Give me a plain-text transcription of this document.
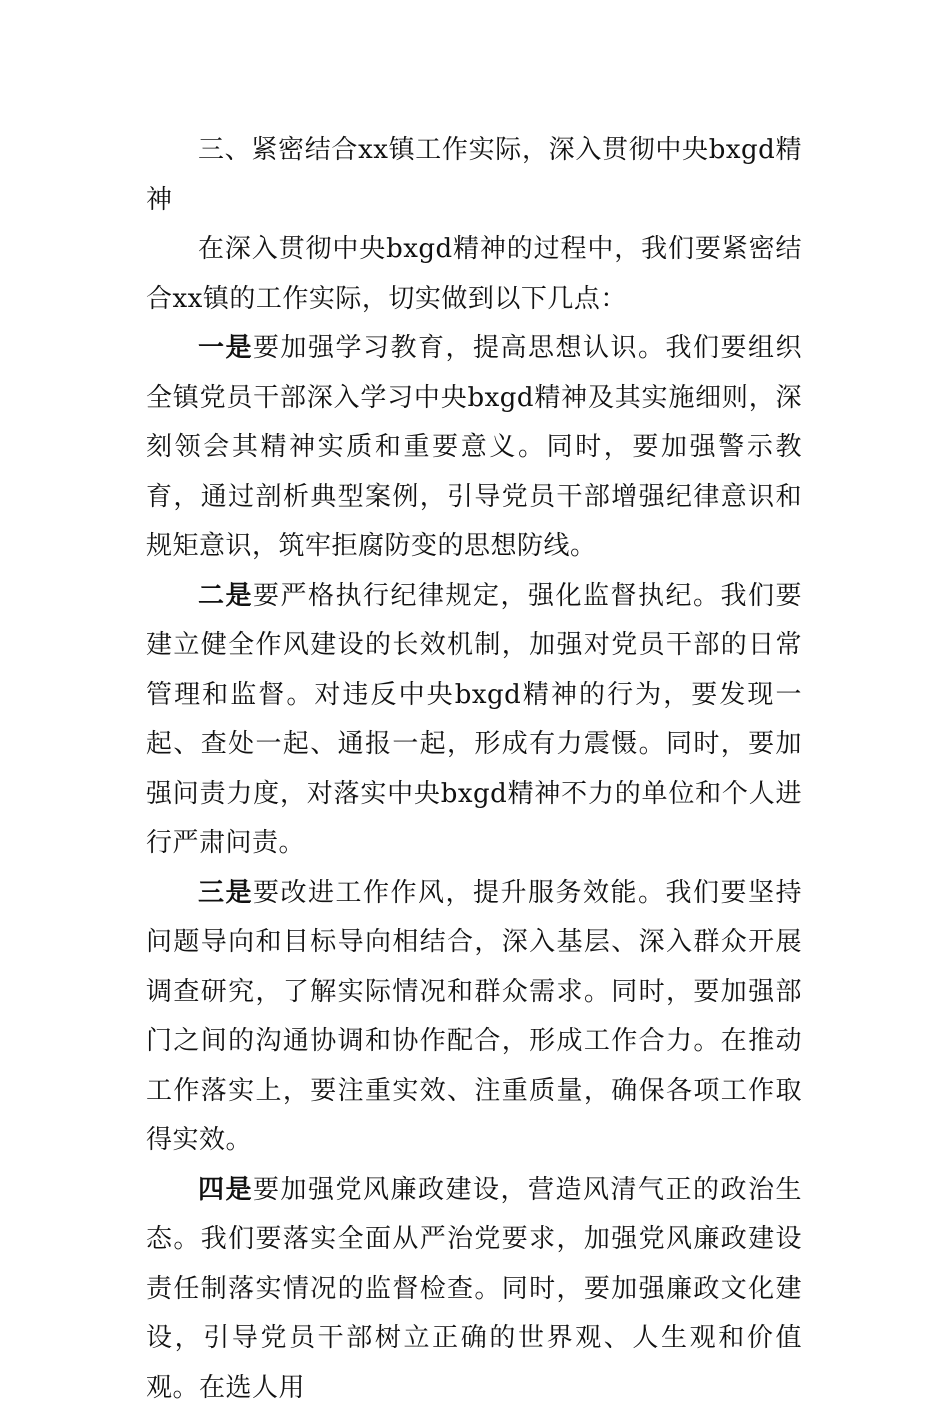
三、紧密结合xx镇工作实际，深入贯彻中央bxgd精神

在深入贯彻中央bxgd精神的过程中，我们要紧密结合xx镇的工作实际，切实做到以下几点：

一是要加强学习教育，提高思想认识。我们要组织全镇党员干部深入学习中央bxgd精神及其实施细则，深刻领会其精神实质和重要意义。同时，要加强警示教育，通过剖析典型案例，引导党员干部增强纪律意识和规矩意识，筑牢拒腐防变的思想防线。

二是要严格执行纪律规定，强化监督执纪。我们要建立健全作风建设的长效机制，加强对党员干部的日常管理和监督。对违反中央bxgd精神的行为，要发现一起、查处一起、通报一起，形成有力震慑。同时，要加强问责力度，对落实中央bxgd精神不力的单位和个人进行严肃问责。

三是要改进工作作风，提升服务效能。我们要坚持问题导向和目标导向相结合，深入基层、深入群众开展调查研究，了解实际情况和群众需求。同时，要加强部门之间的沟通协调和协作配合，形成工作合力。在推动工作落实上，要注重实效、注重质量，确保各项工作取得实效。

四是要加强党风廉政建设，营造风清气正的政治生态。我们要落实全面从严治党要求，加强党风廉政建设责任制落实情况的监督检查。同时，要加强廉政文化建设，引导党员干部树立正确的世界观、人生观和价值观。在选人用
